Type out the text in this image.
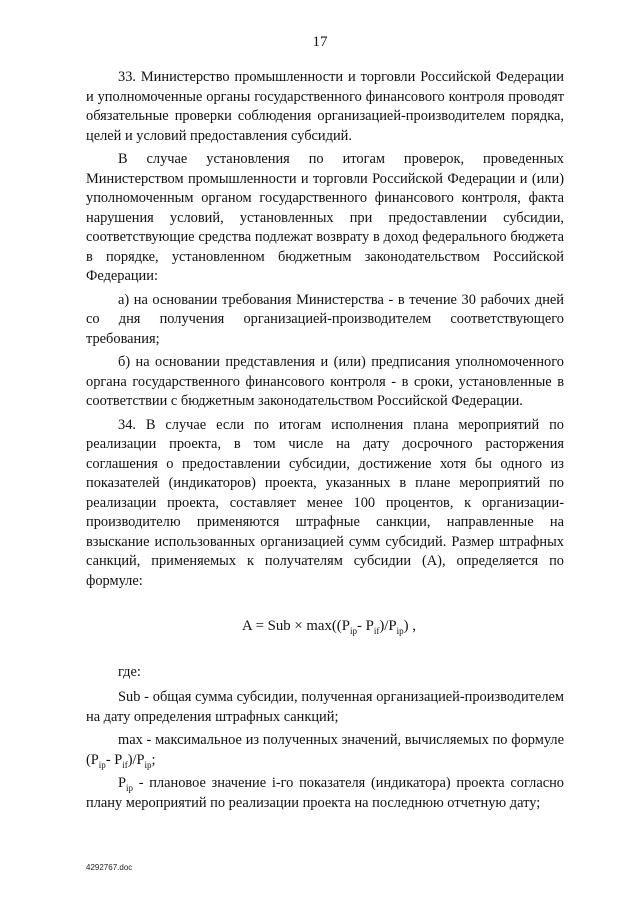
17

33. Министерство промышленности и торговли Российской Федерации и уполномоченные органы государственного финансового контроля проводят обязательные проверки соблюдения организацией-производителем порядка, целей и условий предоставления субсидий.

В случае установления по итогам проверок, проведенных Министерством промышленности и торговли Российской Федерации и (или) уполномоченным органом государственного финансового контроля, факта нарушения условий, установленных при предоставлении субсидии, соответствующие средства подлежат возврату в доход федерального бюджета в порядке, установленном бюджетным законодательством Российской Федерации:

а) на основании требования Министерства - в течение 30 рабочих дней со дня получения организацией-производителем соответствующего требования;

б) на основании представления и (или) предписания уполномоченного органа государственного финансового контроля - в сроки, установленные в соответствии с бюджетным законодательством Российской Федерации.

34. В случае если по итогам исполнения плана мероприятий по реализации проекта, в том числе на дату досрочного расторжения соглашения о предоставлении субсидии, достижение хотя бы одного из показателей (индикаторов) проекта, указанных в плане мероприятий по реализации проекта, составляет менее 100 процентов, к организации-производителю применяются штрафные санкции, направленные на взыскание использованных организацией сумм субсидий. Размер штрафных санкций, применяемых к получателям субсидии (A), определяется по формуле:

A = Sub × $\max((P_{ip}-$ $P_{if})/P_{ip}$) ,

где:

Sub - общая сумма субсидии, полученная организацией-производителем на дату определения штрафных санкций;

max - максимальное из полученных значений, вычисляемых по формуле ($P_{ip}-$ $P_{if})/P_{ip}$;

$P_{ip}$ - плановое значение i-го показателя (индикатора) проекта согласно плану мероприятий по реализации проекта на последнюю отчетную дату;

4292767.doc
